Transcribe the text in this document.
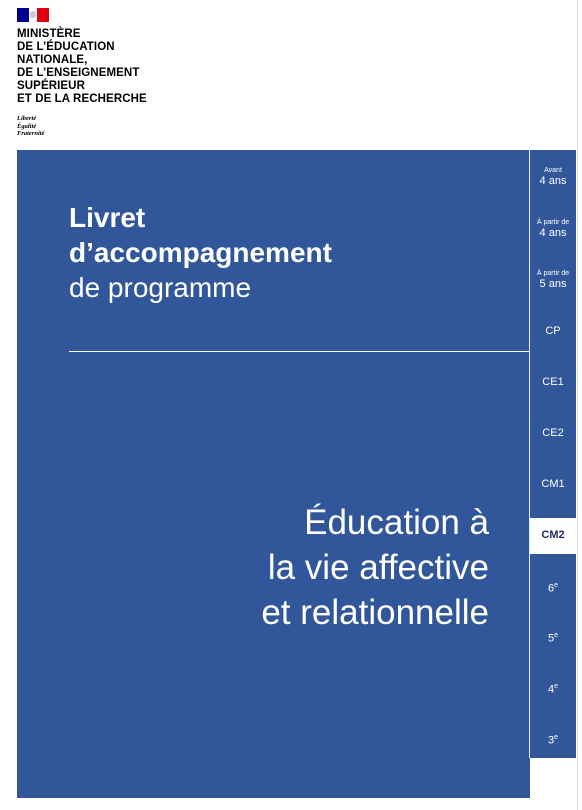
MINISTÈRE
DE L’ÉDUCATION
NATIONALE,
DE L’ENSEIGNEMENT
SUPÉRIEUR
ET DE LA RECHERCHE
Liberté
Égalité
Fraternité
Livret
d’accompagnement
de programme
Éducation à
la vie affective
et relationnelle
2025
Avant
4 ans
À partir de
4 ans
À partir de
5 ans
CP
CE1
CE2
CM1
CM2
6e
5e
4e
3e
